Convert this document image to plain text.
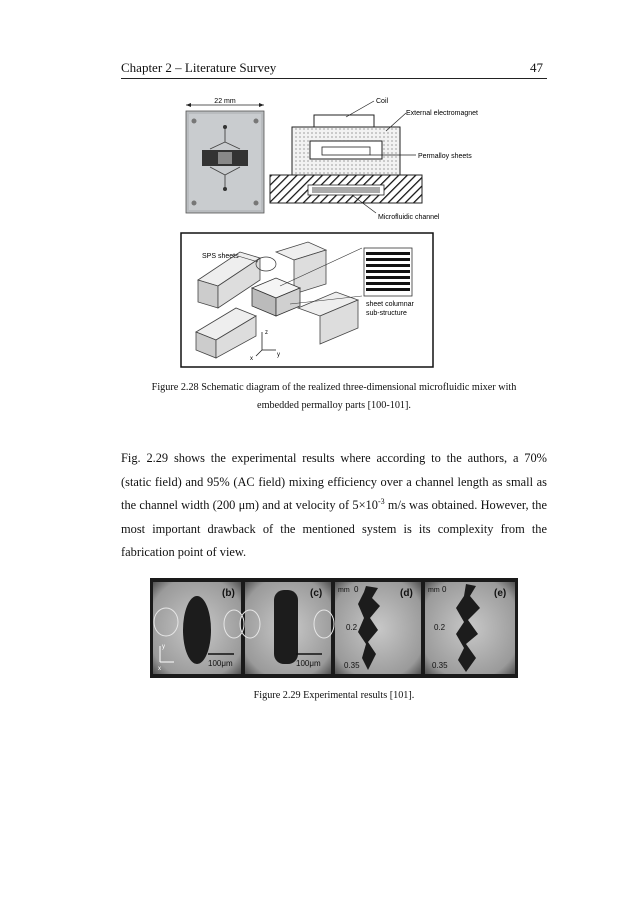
Chapter 2 – Literature Survey	47
22 mm	Coil
External electromagnet
Permalloy sheets
Microfluidic channel
SPS sheets
sheet columnar
sub-structure
z
x
y
Figure 2.28 Schematic diagram of the realized three-dimensional microfluidic mixer with
embedded permalloy parts [100-101].

Fig. 2.29 shows the experimental results where according to the authors, a 70% (static field) and 95% (AC field) mixing efficiency over a channel length as small as the channel width (200 μm) and at velocity of $5\times 10^{-3}$ m/s was obtained. However, the most important drawback of the mentioned system is its complexity from the fabrication point of view.

(b)
y
x
100μm
(c)
100μm
mm 0
0.2
0.35
(d) mm 0
0.2
0.35
(e)
Figure 2.29 Experimental results [101].
